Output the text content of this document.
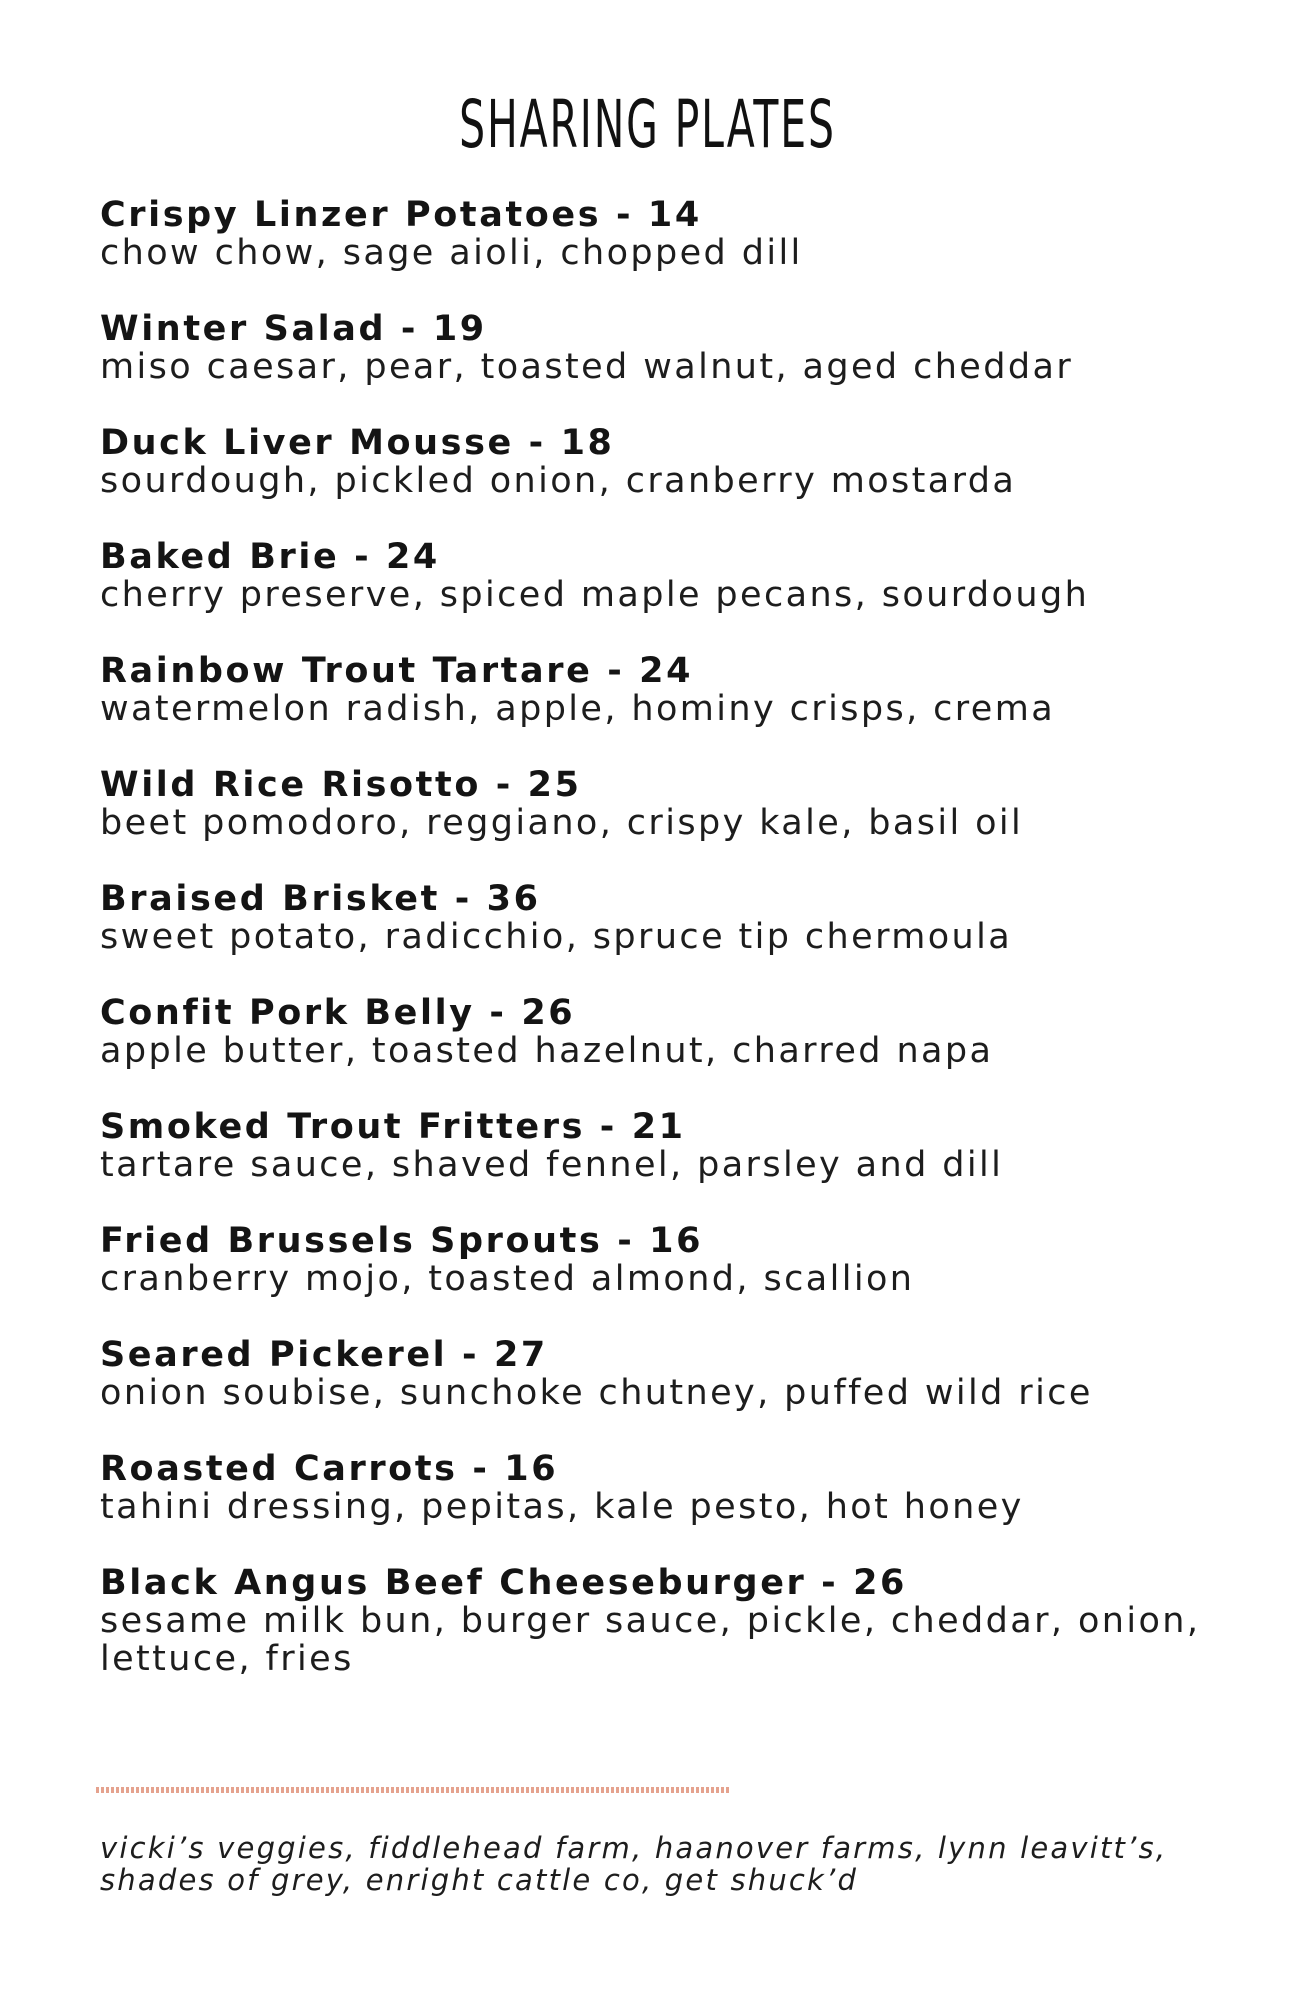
SHARING PLATES
Crispy Linzer Potatoes - 14
chow chow, sage aioli, chopped dill
Winter Salad - 19
miso caesar, pear, toasted walnut, aged cheddar
Duck Liver Mousse - 18
sourdough, pickled onion, cranberry mostarda
Baked Brie - 24
cherry preserve, spiced maple pecans, sourdough
Rainbow Trout Tartare - 24
watermelon radish, apple, hominy crisps, crema
Wild Rice Risotto - 25
beet pomodoro, reggiano, crispy kale, basil oil
Braised Brisket - 36
sweet potato, radicchio, spruce tip chermoula
Confit Pork Belly - 26
apple butter, toasted hazelnut, charred napa
Smoked Trout Fritters - 21
tartare sauce, shaved fennel, parsley and dill
Fried Brussels Sprouts - 16
cranberry mojo, toasted almond, scallion
Seared Pickerel - 27
onion soubise, sunchoke chutney, puffed wild rice
Roasted Carrots - 16
tahini dressing, pepitas, kale pesto, hot honey
Black Angus Beef Cheeseburger - 26
sesame milk bun, burger sauce, pickle, cheddar, onion, lettuce, fries
vicki’s veggies, fiddlehead farm, haanover farms, lynn leavitt’s, shades of grey, enright cattle co, get shuck’d
